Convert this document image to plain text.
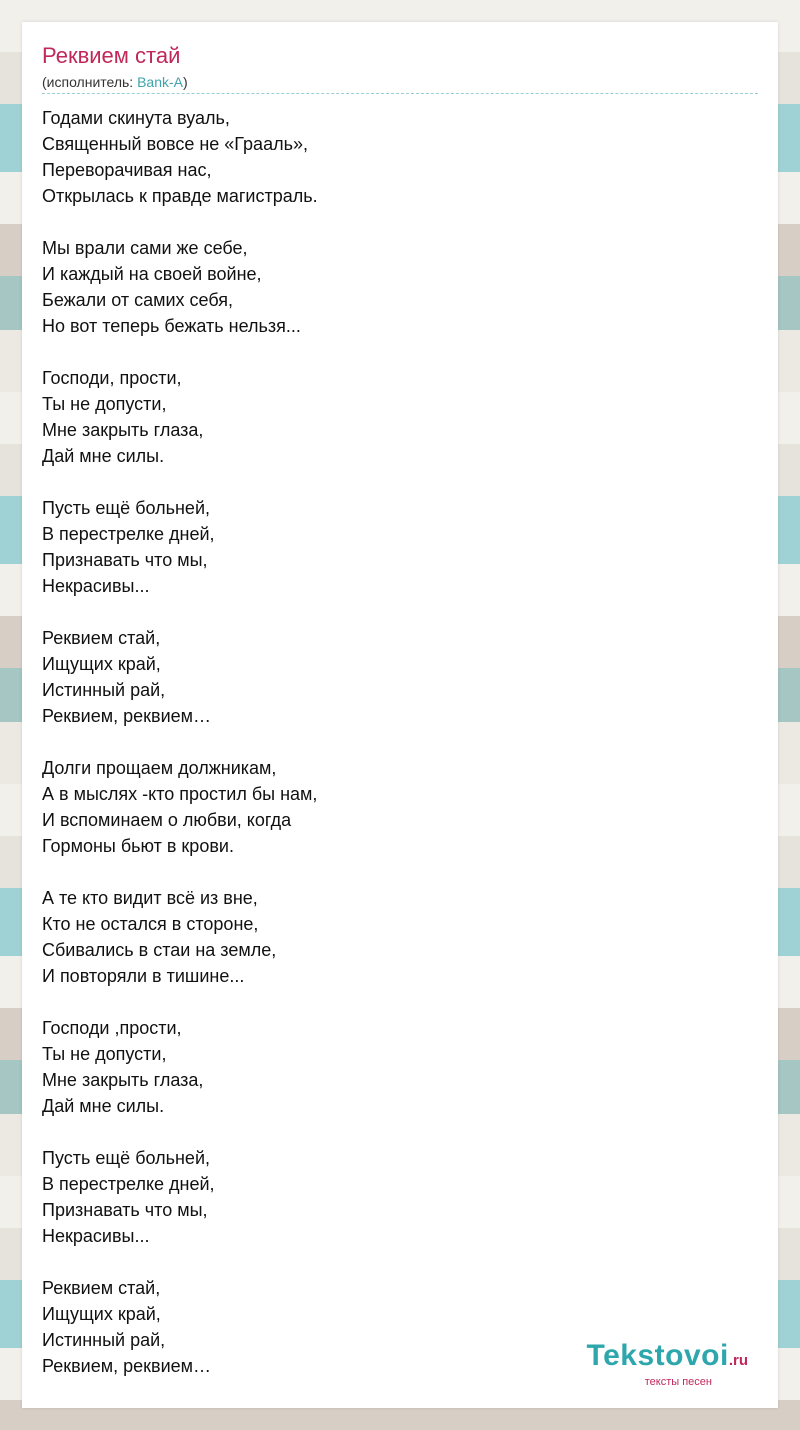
Реквием стай
(исполнитель: Bank-A)
Годами скинута вуаль,
Священный вовсе не «Грааль»,
Переворачивая нас,
Открылась к правде магистраль.
Мы врали сами же себе,
И каждый на своей войне,
Бежали от самих себя,
Но вот теперь бежать нельзя...
Господи, прости,
Ты не допусти,
Мне закрыть глаза,
Дай мне силы.
Пусть ещё больней,
В перестрелке дней,
Признавать что мы,
Некрасивы...
Реквием стай,
Ищущих край,
Истинный рай,
Реквием, реквием…
Долги прощаем должникам,
А в мыслях -кто простил бы нам,
И вспоминаем о любви, когда
Гормоны бьют в крови.
А те кто видит всё из вне,
Кто не остался в стороне,
Сбивались в стаи на земле,
И повторяли в тишине...
Господи ,прости,
Ты не допусти,
Мне закрыть глаза,
Дай мне силы.
Пусть ещё больней,
В перестрелке дней,
Признавать что мы,
Некрасивы...
Реквием стай,
Ищущих край,
Истинный рай,
Реквием, реквием…	Tekstovoi.ru
тексты песен
